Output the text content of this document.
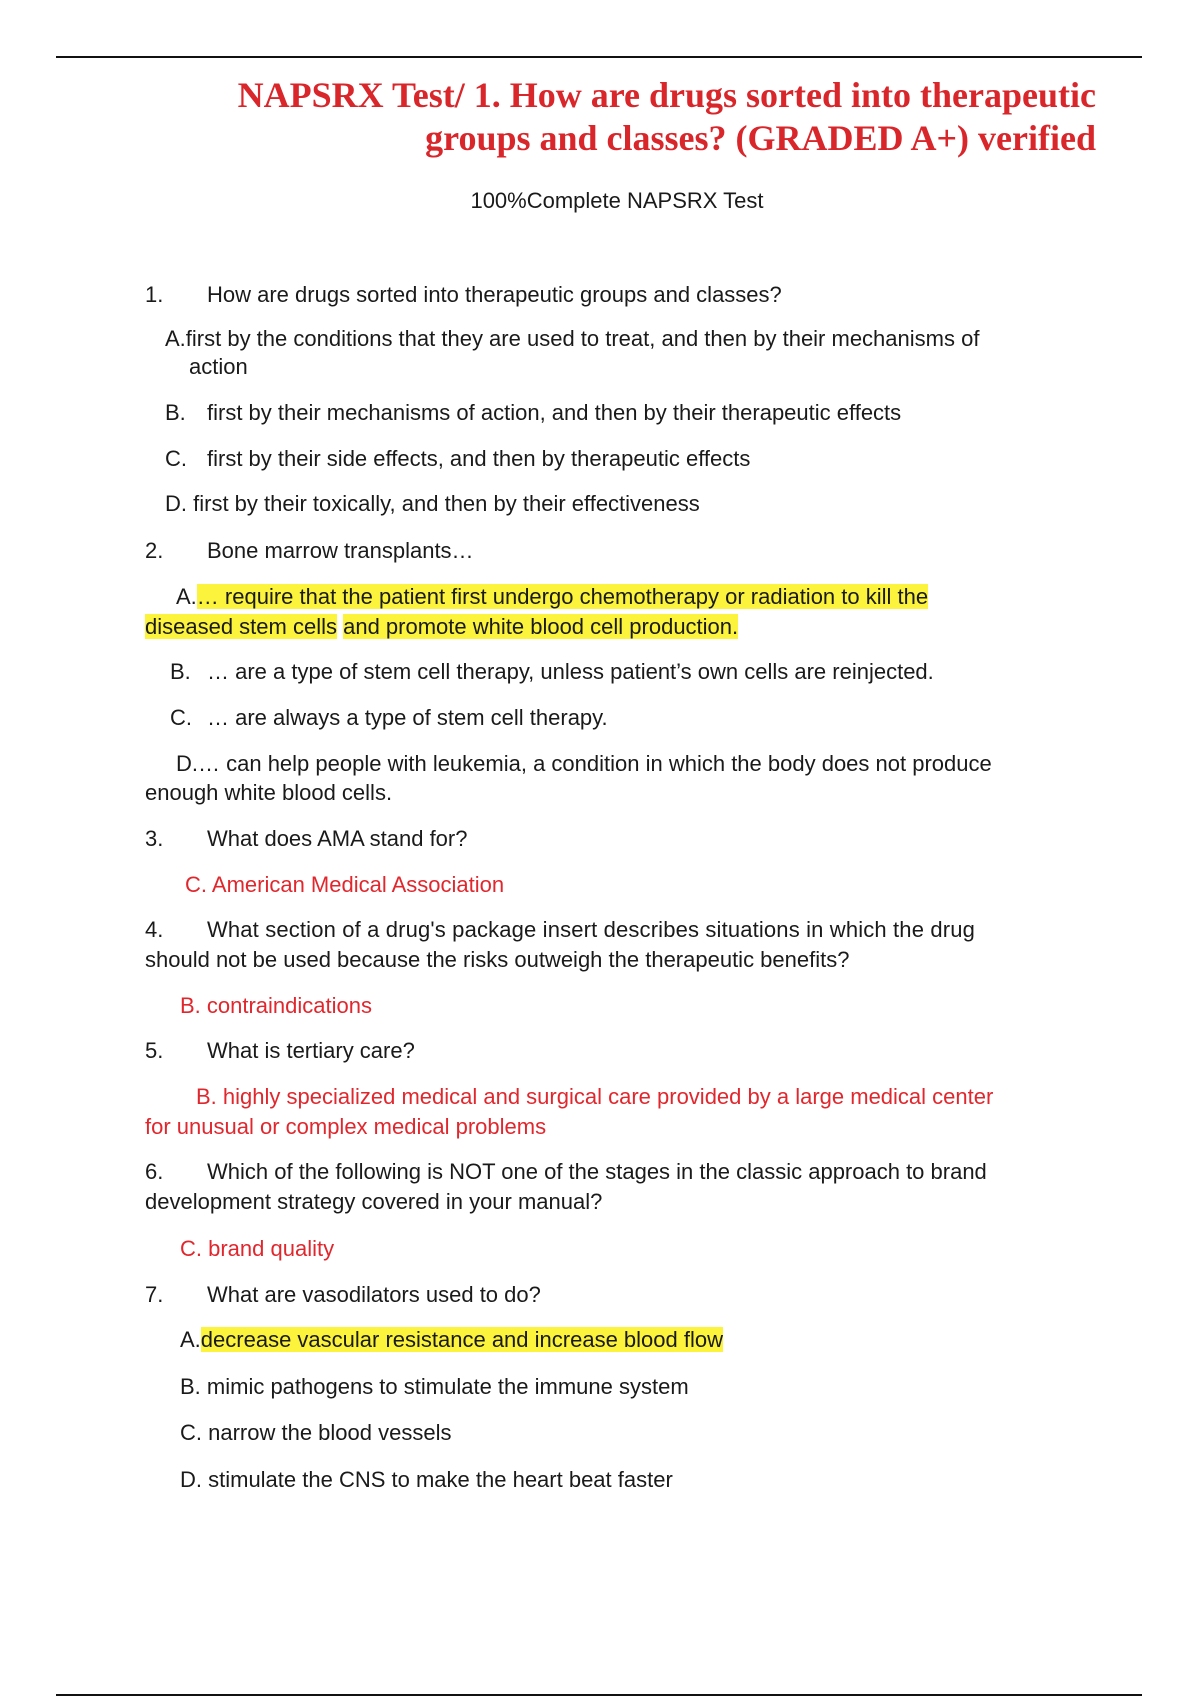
NAPSRX Test/ 1. How are drugs sorted into therapeutic
groups and classes? (GRADED A+) verified
100%Complete NAPSRX Test
1. How are drugs sorted into therapeutic groups and classes?
A.first by the conditions that they are used to treat, and then by their mechanisms of
action
B. first by their mechanisms of action, and then by their therapeutic effects
C. first by their side effects, and then by therapeutic effects
D. first by their toxically, and then by their effectiveness
2. Bone marrow transplants…
A.… require that the patient first undergo chemotherapy or radiation to kill the
diseased stem cells and promote white blood cell production.
B. … are a type of stem cell therapy, unless patient’s own cells are reinjected.
C. … are always a type of stem cell therapy.
D.… can help people with leukemia, a condition in which the body does not produce
enough white blood cells.
3. What does AMA stand for?
C. American Medical Association
4. What section of a drug's package insert describes situations in which the drug
should not be used because the risks outweigh the therapeutic benefits?
B. contraindications
5. What is tertiary care?
B. highly specialized medical and surgical care provided by a large medical center
for unusual or complex medical problems
6. Which of the following is NOT one of the stages in the classic approach to brand
development strategy covered in your manual?
C. brand quality
7. What are vasodilators used to do?
A.decrease vascular resistance and increase blood flow
B. mimic pathogens to stimulate the immune system
C. narrow the blood vessels
D. stimulate the CNS to make the heart beat faster
